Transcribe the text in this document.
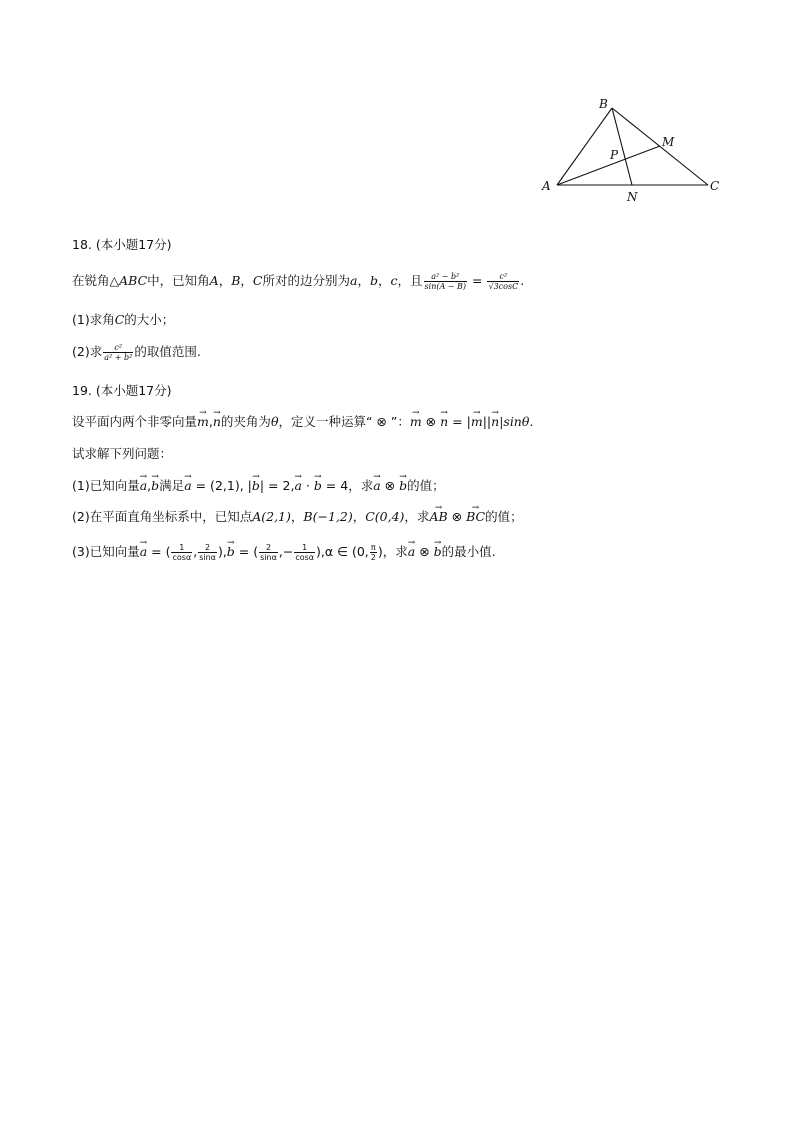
B
A	C
M
N
P
18. (本小题17分)
在锐角△ABC中，已知角A，B，C所对的边分别为a，b，c，且 $\frac{\text{a² − b²}}{\sin(A - B)} = \frac{\text{c²}}{√3\cos C}$ .
(1)求角C的大小；
(2)求 $\frac{\text{c²}}{\text{a² + b²}}$ 的取值范围.
19. (本小题17分)
设平面内两个非零向量→ m,→ n的夹角为θ，定义一种运算“ ⊗ ”：→ m ⊗ → n = |→ m||→ n|sinθ.
试求解下列问题：
(1)已知向量→ a,→ b满足→ a = (2,1), |→ b| = 2,→ a · → b = 4，求→ a ⊗ → b的值；
(2)在平面直角坐标系中，已知点A(2,1)，B(−1,2)，C(0,4)，求→ AB ⊗ → BC的值；
(3)已知向量→ a = ( $\frac{1}{\cos\alpha}$ , $\frac{2}{\sin\alpha}$ ),→ b = ( $\frac{2}{\sin\alpha}$ ,− $\frac{1}{\cos\alpha} ),\alpha$ ∈ (0, $\frac{\pi}{2}$ )，求→ a ⊗ → b的最小值.
